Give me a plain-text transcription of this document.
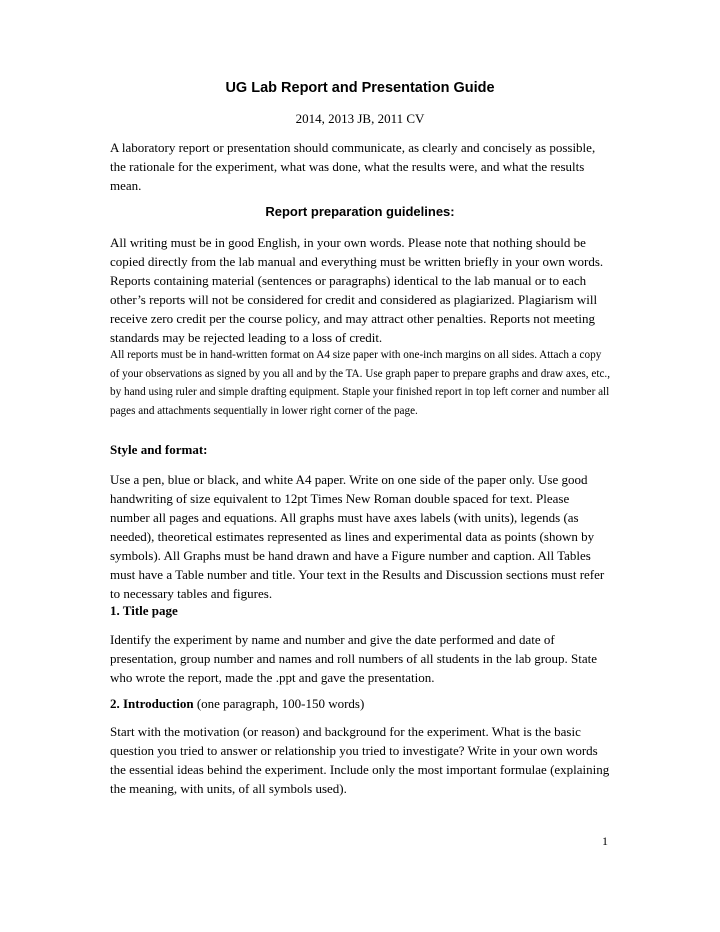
UG Lab Report and Presentation Guide
2014, 2013 JB, 2011 CV

A laboratory report or presentation should communicate, as clearly and concisely as possible, the rationale for the experiment, what was done, what the results were, and what the results mean.

Report preparation guidelines:

All writing must be in good English, in your own words. Please note that nothing should be copied directly from the lab manual and everything must be written briefly in your own words. Reports containing material (sentences or paragraphs) identical to the lab manual or to each other’s reports will not be considered for credit and considered as plagiarized. Plagiarism will receive zero credit per the course policy, and may attract other penalties. Reports not meeting standards may be rejected leading to a loss of credit.

All reports must be in hand-written format on A4 size paper with one-inch margins on all sides. Attach a copy of your observations as signed by you all and by the TA. Use graph paper to prepare graphs and draw axes, etc., by hand using ruler and simple drafting equipment. Staple your finished report in top left corner and number all pages and attachments sequentially in lower right corner of the page.

Style and format:

Use a pen, blue or black, and white A4 paper. Write on one side of the paper only. Use good handwriting of size equivalent to 12pt Times New Roman double spaced for text. Please number all pages and equations. All graphs must have axes labels (with units), legends (as needed), theoretical estimates represented as lines and experimental data as points (shown by symbols). All Graphs must be hand drawn and have a Figure number and caption. All Tables must have a Table number and title. Your text in the Results and Discussion sections must refer to necessary tables and figures.

1. Title page

Identify the experiment by name and number and give the date performed and date of presentation, group number and names and roll numbers of all students in the lab group. State who wrote the report, made the .ppt and gave the presentation.

2. Introduction (one paragraph, 100-150 words)

Start with the motivation (or reason) and background for the experiment. What is the basic question you tried to answer or relationship you tried to investigate? Write in your own words the essential ideas behind the experiment. Include only the most important formulae (explaining the meaning, with units, of all symbols used).

1
